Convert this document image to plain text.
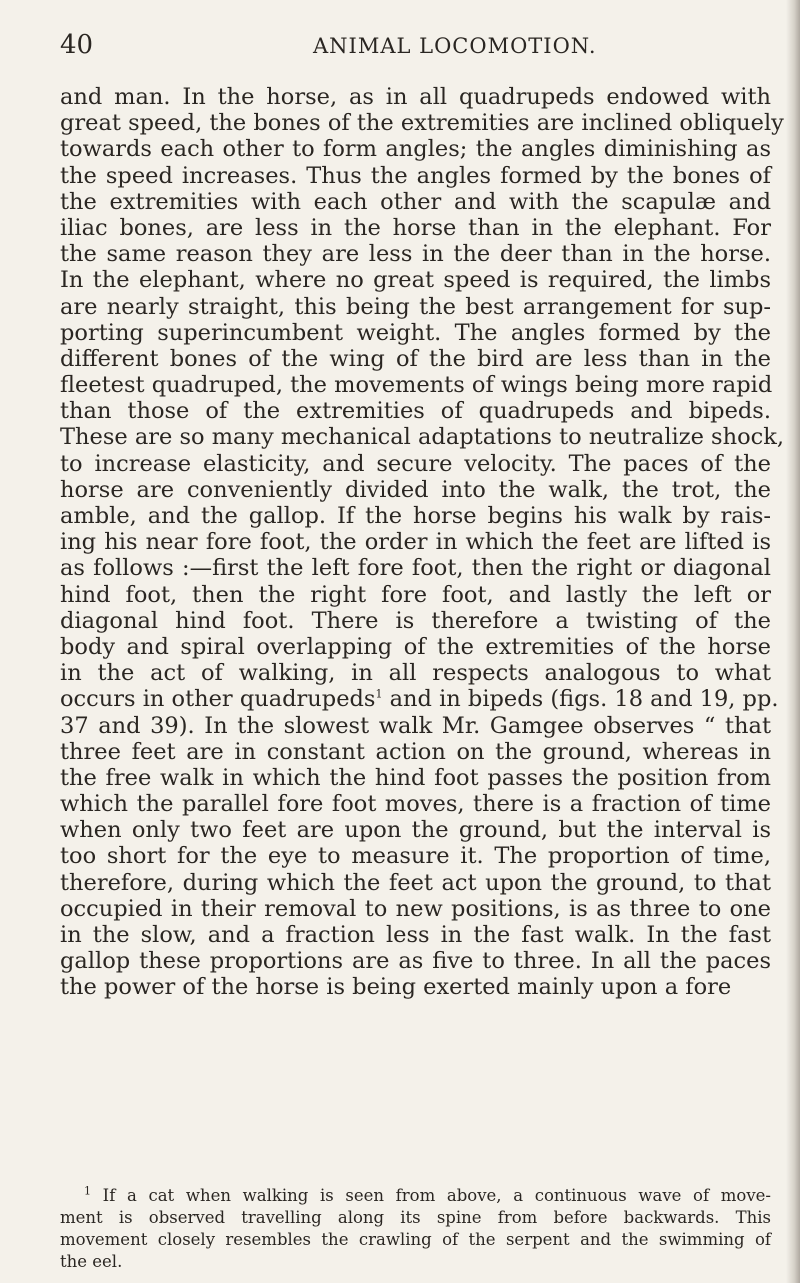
40	ANIMAL LOCOMOTION.
and man. In the horse, as in all quadrupeds endowed with
great speed, the bones of the extremities are inclined obliquely
towards each other to form angles; the angles diminishing as
the speed increases. Thus the angles formed by the bones of
the extremities with each other and with the scapulæ and
iliac bones, are less in the horse than in the elephant. For
the same reason they are less in the deer than in the horse.
In the elephant, where no great speed is required, the limbs
are nearly straight, this being the best arrangement for sup-
porting superincumbent weight. The angles formed by the
different bones of the wing of the bird are less than in the
fleetest quadruped, the movements of wings being more rapid
than those of the extremities of quadrupeds and bipeds.
These are so many mechanical adaptations to neutralize shock,
to increase elasticity, and secure velocity. The paces of the
horse are conveniently divided into the walk, the trot, the
amble, and the gallop. If the horse begins his walk by rais-
ing his near fore foot, the order in which the feet are lifted is
as follows :—first the left fore foot, then the right or diagonal
hind foot, then the right fore foot, and lastly the left or
diagonal hind foot. There is therefore a twisting of the
body and spiral overlapping of the extremities of the horse
in the act of walking, in all respects analogous to what
occurs in other quadrupeds$^1$ and in bipeds (figs. 18 and 19, pp.
37 and 39). In the slowest walk Mr. Gamgee observes “ that
three feet are in constant action on the ground, whereas in
the free walk in which the hind foot passes the position from
which the parallel fore foot moves, there is a fraction of time
when only two feet are upon the ground, but the interval is
too short for the eye to measure it. The proportion of time,
therefore, during which the feet act upon the ground, to that
occupied in their removal to new positions, is as three to one
in the slow, and a fraction less in the fast walk. In the fast
gallop these proportions are as five to three. In all the paces
the power of the horse is being exerted mainly upon a fore
$^1$ If a cat when walking is seen from above, a continuous wave of move-
ment is observed travelling along its spine from before backwards. This
movement closely resembles the crawling of the serpent and the swimming of
the eel.
